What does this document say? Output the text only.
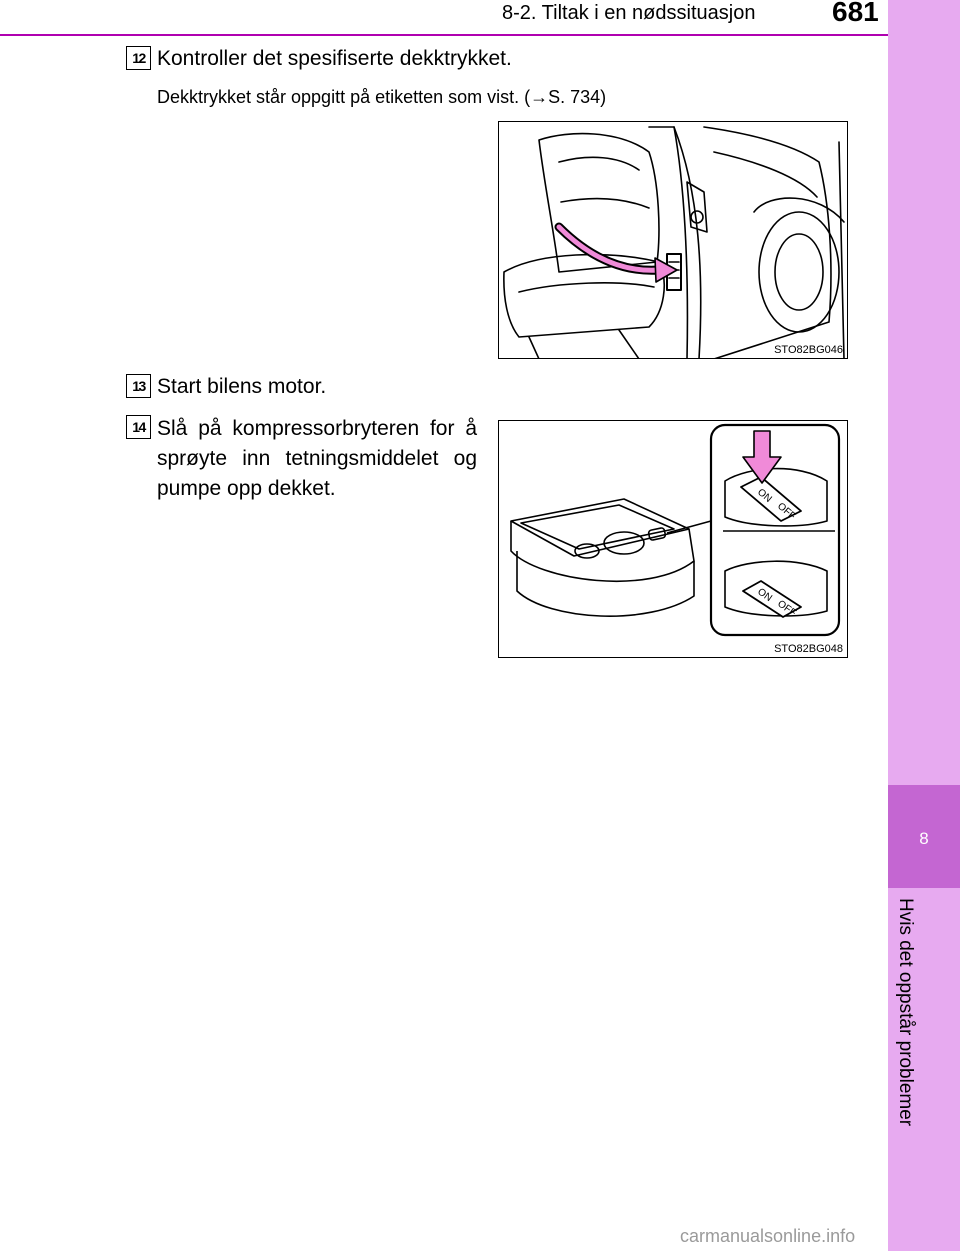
8-2. Tiltak i en nødssituasjon	681
8
Hvis det oppstår problemer
12 Kontroller det spesifiserte dekktrykket.
Dekktrykket står oppgitt på etiketten som vist. (→S. 734)
STO82BG046
13 Start bilens motor.
14 Slå på kompressorbryteren for å sprøyte inn tetningsmiddelet og pumpe opp dekket.	ON
OFF
ON
OFF
STO82BG048
carmanualsonline.info
